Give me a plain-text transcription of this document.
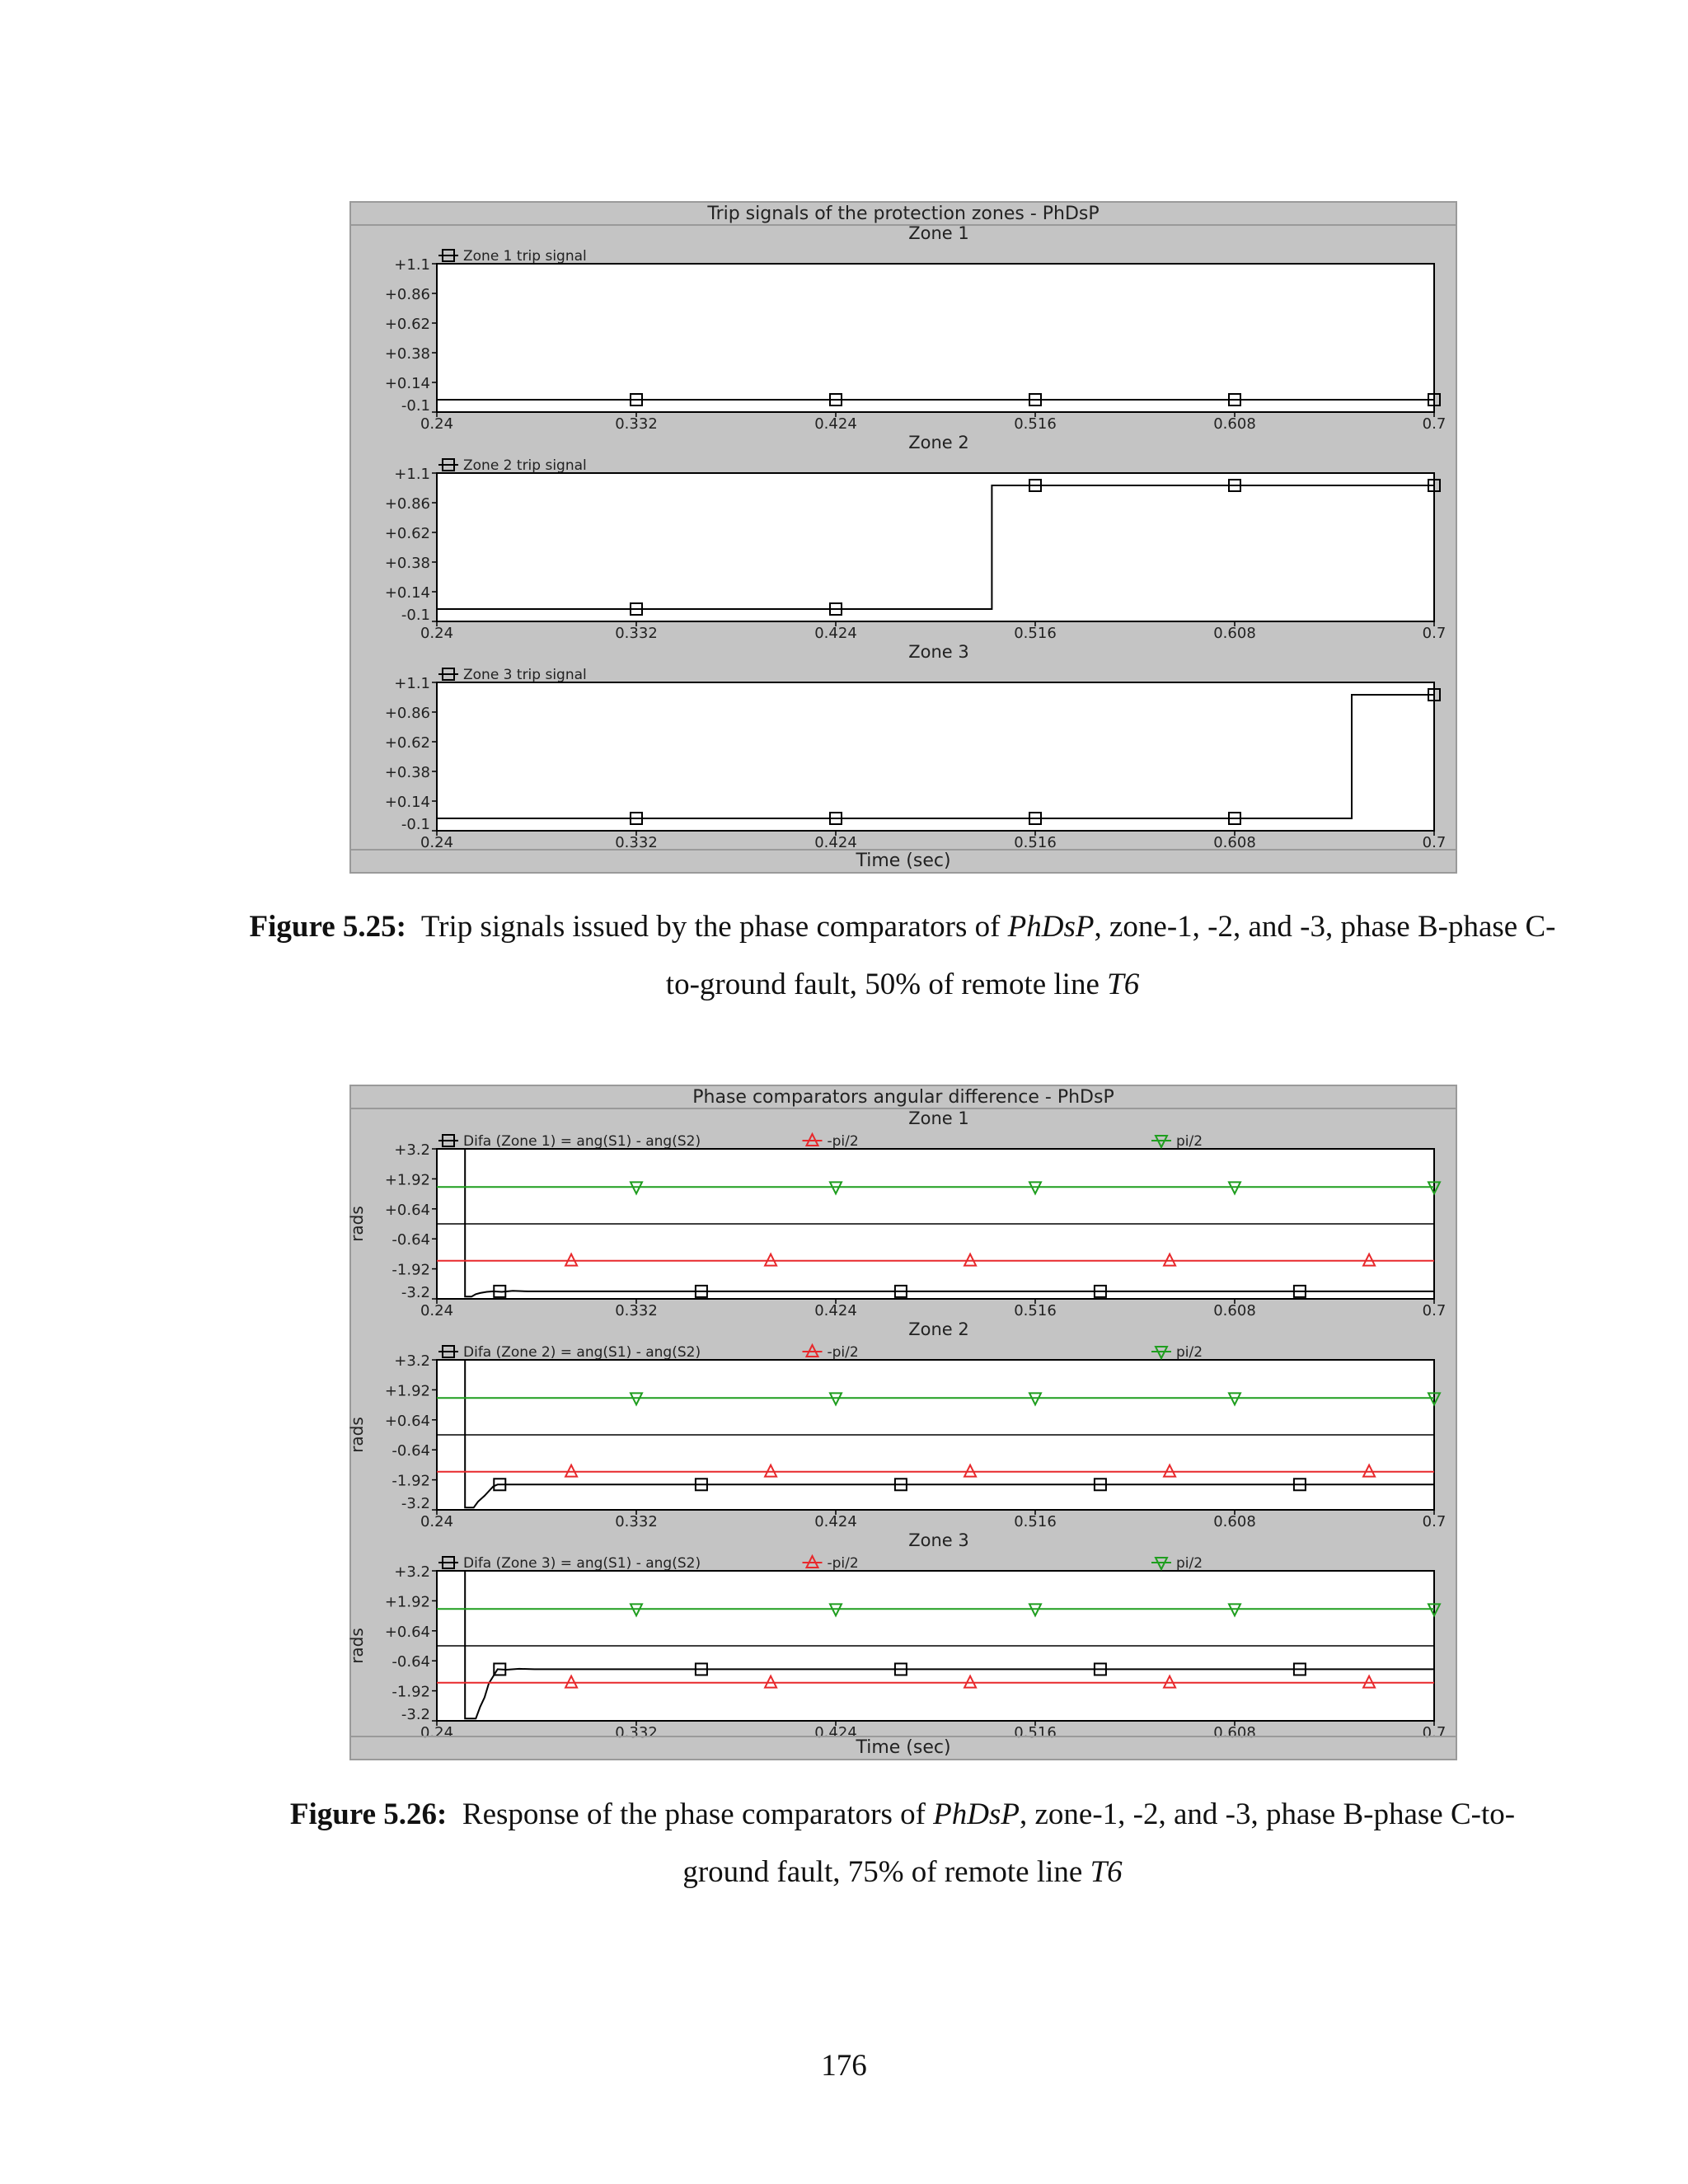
Trip signals of the protection zones - PhDsP
Zone 1
+1.1
+0.86
+0.62
+0.38
+0.14
-0.1
0.24	0.332	0.424	0.516	0.608	0.7
Zone 1 trip signal
Zone 2
+1.1
+0.86
+0.62
+0.38
+0.14
-0.1
0.24	0.332	0.424	0.516	0.608	0.7
Zone 2 trip signal
Zone 3
+1.1
+0.86
+0.62
+0.38
+0.14
-0.1
0.24	0.332	0.424	0.516	0.608	0.7
Zone 3 trip signal
Time (sec)
Figure 5.25: Trip signals issued by the phase comparators of PhDsP, zone-1, -2, and -3, phase B-phase C-to-ground fault, 50% of remote line T6
Phase comparators angular difference - PhDsP
Zone 1
+3.2
+1.92
+0.64
-0.64
-1.92
-3.2
0.24	0.332	0.424	0.516	0.608	0.7
rads
Difa (Zone 1) = ang(S1) - ang(S2)	-pi/2	pi/2
Zone 2
+3.2
+1.92
+0.64
-0.64
-1.92
-3.2
0.24	0.332	0.424	0.516	0.608	0.7
rads
Difa (Zone 2) = ang(S1) - ang(S2)	-pi/2	pi/2
Zone 3
+3.2
+1.92
+0.64
-0.64
-1.92
-3.2
0.24	0.332	0.424	0.516	0.608	0.7
rads
Difa (Zone 3) = ang(S1) - ang(S2)	-pi/2	pi/2
Time (sec)
Figure 5.26: Response of the phase comparators of PhDsP, zone-1, -2, and -3, phase B-phase C-to-ground fault, 75% of remote line T6
176
